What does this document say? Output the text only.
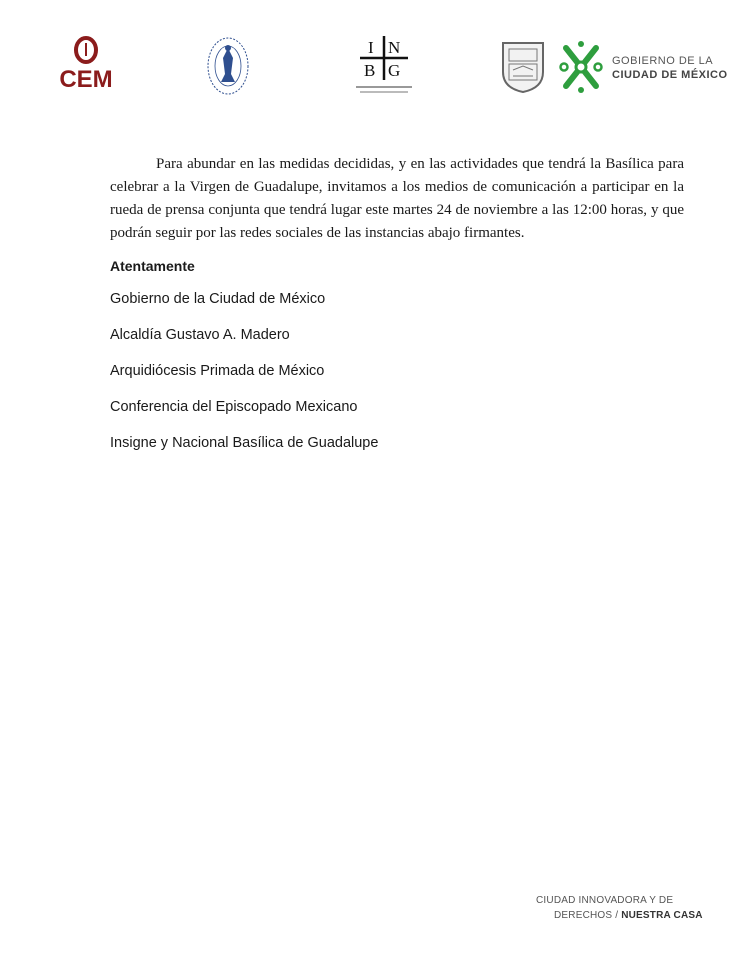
CEM
I N
B G	GOBIERNO DE LA
CIUDAD DE MÉXICO

Para abundar en las medidas decididas, y en las actividades que tendrá la Basílica para celebrar a la Virgen de Guadalupe, invitamos a los medios de comunicación a participar en la rueda de prensa conjunta que tendrá lugar este martes 24 de noviembre a las 12:00 horas, y que podrán seguir por las redes sociales de las instancias abajo firmantes.

Atentamente
Gobierno de la Ciudad de México
Alcaldía Gustavo A. Madero
Arquidiócesis Primada de México
Conferencia del Episcopado Mexicano
Insigne y Nacional Basílica de Guadalupe
CIUDAD INNOVADORA Y DE
DERECHOS / NUESTRA CASA
